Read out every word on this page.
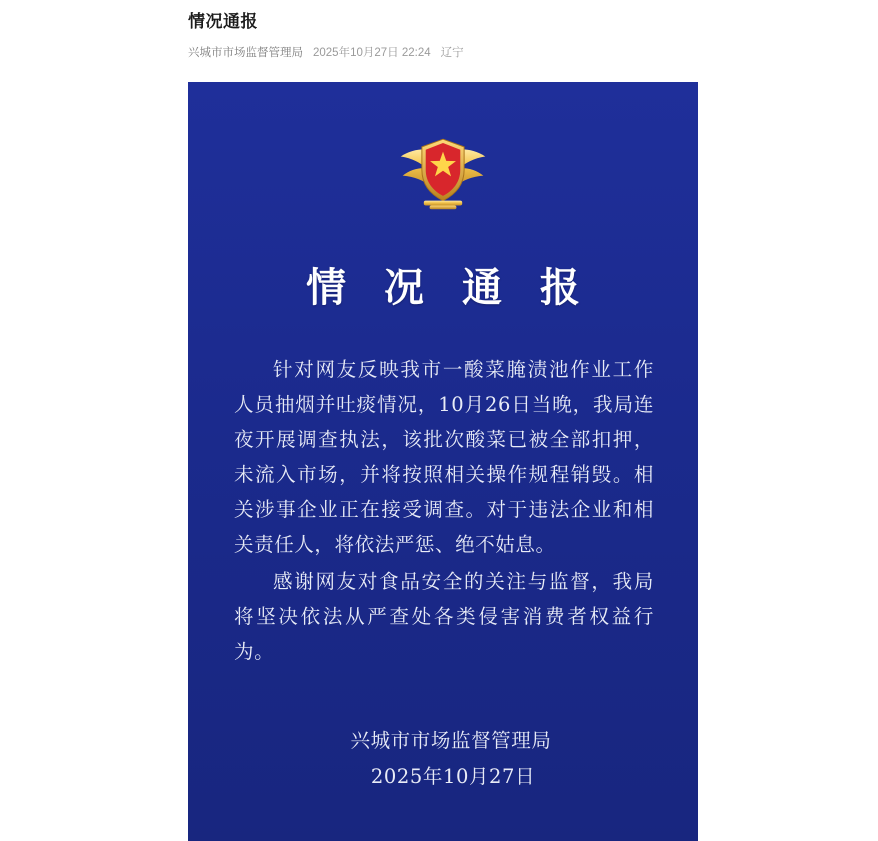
情况通报
兴城市市场监督管理局 2025年10月27日 22:24 辽宁
情 况 通 报

针对网友反映我市一酸菜腌渍池作业工作人员抽烟并吐痰情况，10月26日当晚，我局连夜开展调查执法，该批次酸菜已被全部扣押，未流入市场，并将按照相关操作规程销毁。相关涉事企业正在接受调查。对于违法企业和相关责任人，将依法严惩、绝不姑息。

感谢网友对食品安全的关注与监督，我局将坚决依法从严查处各类侵害消费者权益行为。

兴城市市场监督管理局
2025年10月27日
